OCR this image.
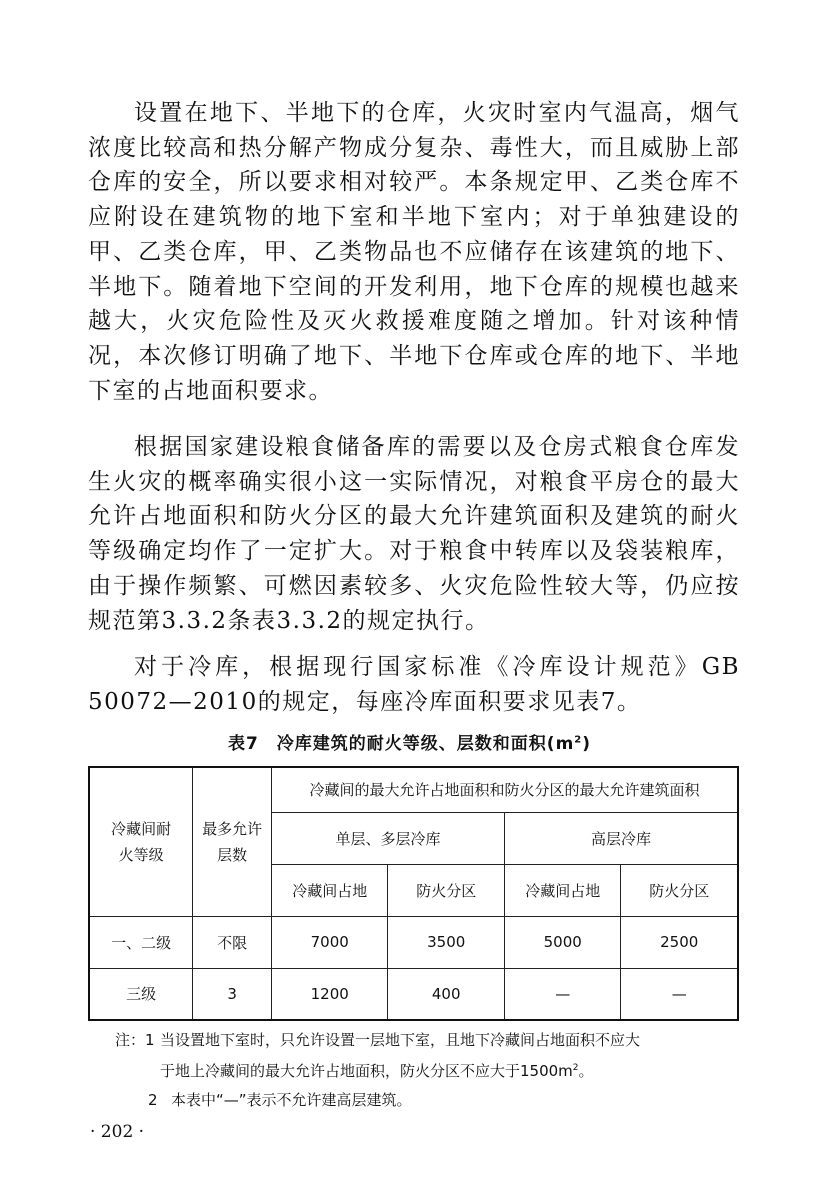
设置在地下、半地下的仓库，火灾时室内气温高，烟气浓度比较高和热分解产物成分复杂、毒性大，而且威胁上部仓库的安全，所以要求相对较严。本条规定甲、乙类仓库不应附设在建筑物的地下室和半地下室内；对于单独建设的甲、乙类仓库，甲、乙类物品也不应储存在该建筑的地下、半地下。随着地下空间的开发利用，地下仓库的规模也越来越大，火灾危险性及灭火救援难度随之增加。针对该种情况，本次修订明确了地下、半地下仓库或仓库的地下、半地下室的占地面积要求。

根据国家建设粮食储备库的需要以及仓房式粮食仓库发生火灾的概率确实很小这一实际情况，对粮食平房仓的最大允许占地面积和防火分区的最大允许建筑面积及建筑的耐火等级确定均作了一定扩大。对于粮食中转库以及袋装粮库，由于操作频繁、可燃因素较多、火灾危险性较大等，仍应按规范第3.3.2条表3.3.2的规定执行。

对于冷库，根据现行国家标准《冷库设计规范》GB 50072—2010的规定，每座冷库面积要求见表7。

表7　冷库建筑的耐火等级、层数和面积$(m^2)$
冷藏间耐火等级	最多允许层数	冷藏间的最大允许占地面积和防火分区的最大允许建筑面积			
		单层、多层冷库		高层冷库	
		冷藏间占地	防火分区	冷藏间占地	防火分区
一、二级	不限	7000	3500	5000	2500
三级	3	1200	400	—	—
注：1 当设置地下室时，只允许设置一层地下室，且地下冷藏间占地面积不应大
于地上冷藏间的最大允许占地面积，防火分区不应大于$1500m^2$。
2 本表中“—”表示不允许建高层建筑。
· 202 ·
